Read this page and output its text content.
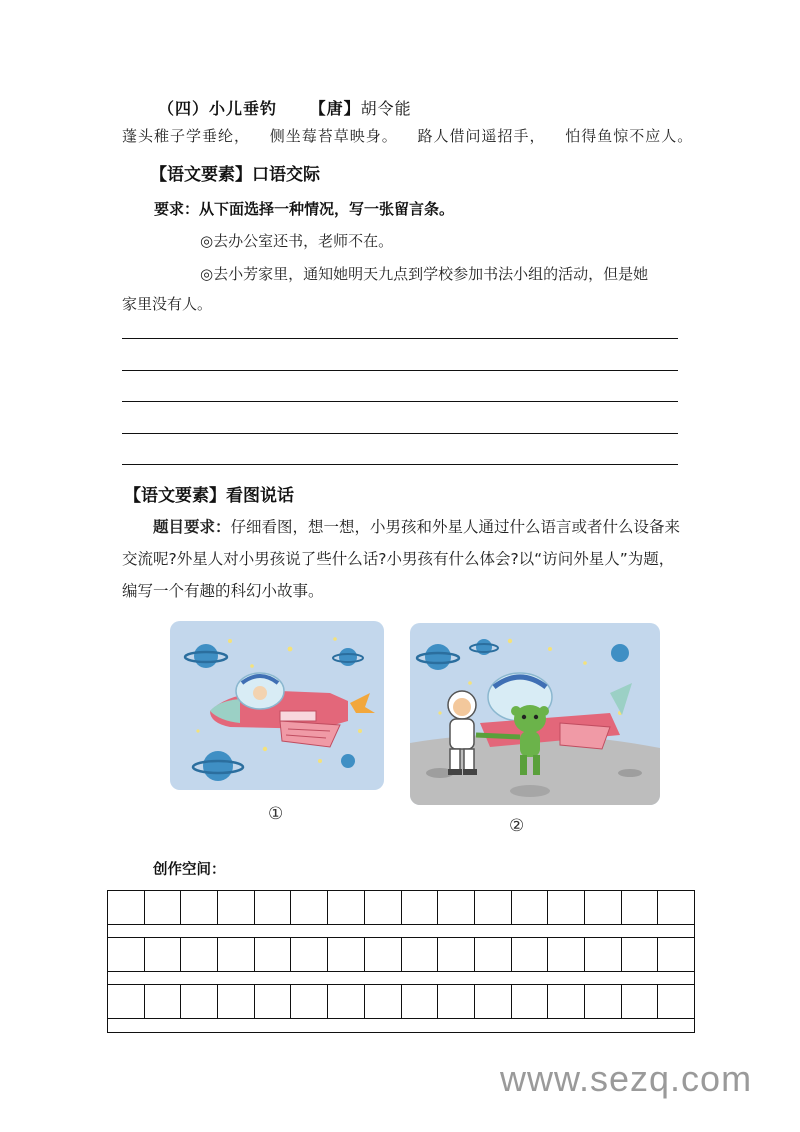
（四）小儿垂钓 【唐】胡令能
蓬头稚子学垂纶， 侧坐莓苔草映身。 路人借问遥招手， 怕得鱼惊不应人。
【语文要素】口语交际
要求：从下面选择一种情况，写一张留言条。
◎去办公室还书，老师不在。
◎去小芳家里，通知她明天九点到学校参加书法小组的活动，但是她
家里没有人。
【语文要素】看图说话
题目要求：仔细看图，想一想，小男孩和外星人通过什么语言或者什么设备来交流呢?外星人对小男孩说了些什么话?小男孩有什么体会?以“访问外星人”为题，编写一个有趣的科幻小故事。
①
②
创作空间：
www.sezq.com
